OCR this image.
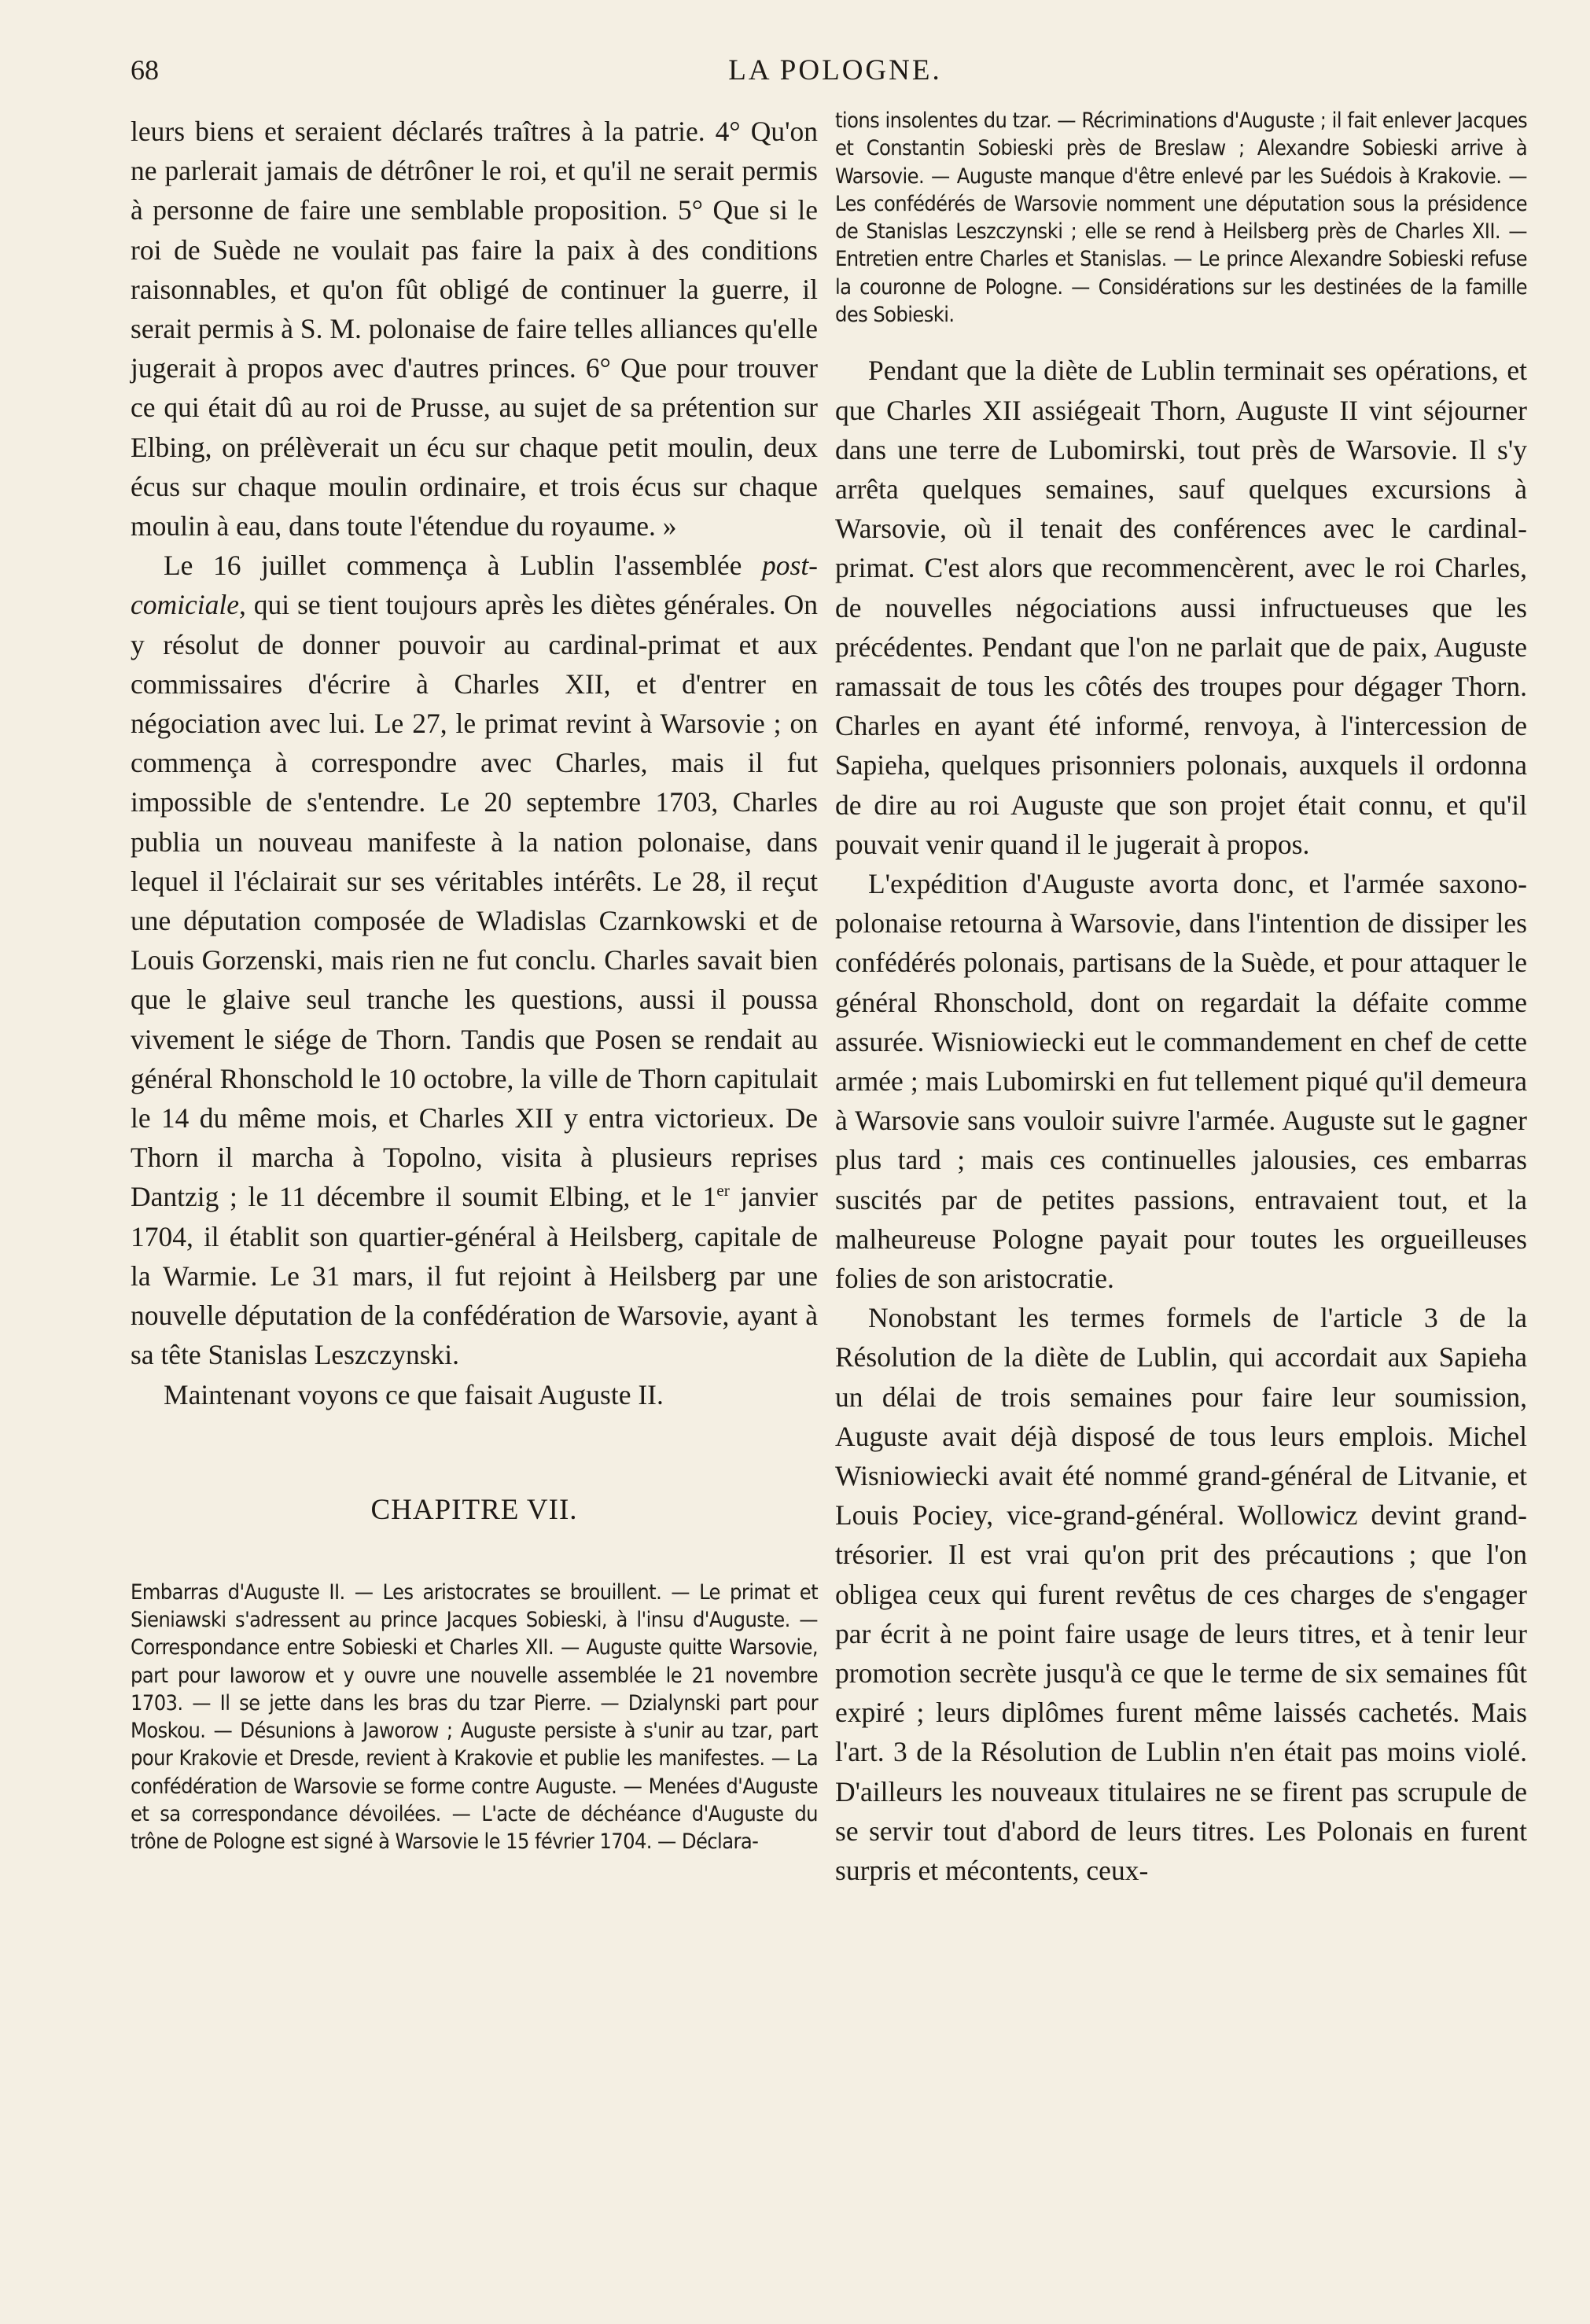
68	LA POLOGNE.

leurs biens et seraient déclarés traîtres à la patrie. 4° Qu'on ne parlerait jamais de détrôner le roi, et qu'il ne serait permis à personne de faire une semblable proposition. 5° Que si le roi de Suède ne voulait pas faire la paix à des conditions raisonnables, et qu'on fût obligé de continuer la guerre, il serait permis à S. M. polonaise de faire telles alliances qu'elle jugerait à propos avec d'autres princes. 6° Que pour trouver ce qui était dû au roi de Prusse, au sujet de sa prétention sur Elbing, on prélèverait un écu sur chaque petit moulin, deux écus sur chaque moulin ordinaire, et trois écus sur chaque moulin à eau, dans toute l'étendue du royaume. »

Le 16 juillet commença à Lublin l'assemblée post-comiciale, qui se tient toujours après les diètes générales. On y résolut de donner pouvoir au cardinal-primat et aux commissaires d'écrire à Charles XII, et d'entrer en négociation avec lui. Le 27, le primat revint à Warsovie ; on commença à correspondre avec Charles, mais il fut impossible de s'entendre. Le 20 septembre 1703, Charles publia un nouveau manifeste à la nation polonaise, dans lequel il l'éclairait sur ses véritables intérêts. Le 28, il reçut une députation composée de Wladislas Czarnkowski et de Louis Gorzenski, mais rien ne fut conclu. Charles savait bien que le glaive seul tranche les questions, aussi il poussa vivement le siége de Thorn. Tandis que Posen se rendait au général Rhonschold le 10 octobre, la ville de Thorn capitulait le 14 du même mois, et Charles XII y entra victorieux. De Thorn il marcha à Topolno, visita à plusieurs reprises Dantzig ; le 11 décembre il soumit Elbing, et le 1er janvier 1704, il établit son quartier-général à Heilsberg, capitale de la Warmie. Le 31 mars, il fut rejoint à Heilsberg par une nouvelle députation de la confédération de Warsovie, ayant à sa tête Stanislas Leszczynski.

Maintenant voyons ce que faisait Auguste II.

CHAPITRE VII.

Embarras d'Auguste II. — Les aristocrates se brouillent. — Le primat et Sieniawski s'adressent au prince Jacques Sobieski, à l'insu d'Auguste. — Correspondance entre Sobieski et Charles XII. — Auguste quitte Warsovie, part pour Iaworow et y ouvre une nouvelle assemblée le 21 novembre 1703. — Il se jette dans les bras du tzar Pierre. — Dzialynski part pour Moskou. — Désunions à Jaworow ; Auguste persiste à s'unir au tzar, part pour Krakovie et Dresde, revient à Krakovie et publie les manifestes. — La confédération de Warsovie se forme contre Auguste. — Menées d'Auguste et sa correspondance dévoilées. — L'acte de déchéance d'Auguste du trône de Pologne est signé à Warsovie le 15 février 1704. — Déclara-

tions insolentes du tzar. — Récriminations d'Auguste ; il fait enlever Jacques et Constantin Sobieski près de Breslaw ; Alexandre Sobieski arrive à Warsovie. — Auguste manque d'être enlevé par les Suédois à Krakovie. — Les confédérés de Warsovie nomment une députation sous la présidence de Stanislas Leszczynski ; elle se rend à Heilsberg près de Charles XII. — Entretien entre Charles et Stanislas. — Le prince Alexandre Sobieski refuse la couronne de Pologne. — Considérations sur les destinées de la famille des Sobieski.

Pendant que la diète de Lublin terminait ses opérations, et que Charles XII assiégeait Thorn, Auguste II vint séjourner dans une terre de Lubomirski, tout près de Warsovie. Il s'y arrêta quelques semaines, sauf quelques excursions à Warsovie, où il tenait des conférences avec le cardinal-primat. C'est alors que recommencèrent, avec le roi Charles, de nouvelles négociations aussi infructueuses que les précédentes. Pendant que l'on ne parlait que de paix, Auguste ramassait de tous les côtés des troupes pour dégager Thorn. Charles en ayant été informé, renvoya, à l'intercession de Sapieha, quelques prisonniers polonais, auxquels il ordonna de dire au roi Auguste que son projet était connu, et qu'il pouvait venir quand il le jugerait à propos.

L'expédition d'Auguste avorta donc, et l'armée saxono-polonaise retourna à Warsovie, dans l'intention de dissiper les confédérés polonais, partisans de la Suède, et pour attaquer le général Rhonschold, dont on regardait la défaite comme assurée. Wisniowiecki eut le commandement en chef de cette armée ; mais Lubomirski en fut tellement piqué qu'il demeura à Warsovie sans vouloir suivre l'armée. Auguste sut le gagner plus tard ; mais ces continuelles jalousies, ces embarras suscités par de petites passions, entravaient tout, et la malheureuse Pologne payait pour toutes les orgueilleuses folies de son aristocratie.

Nonobstant les termes formels de l'article 3 de la Résolution de la diète de Lublin, qui accordait aux Sapieha un délai de trois semaines pour faire leur soumission, Auguste avait déjà disposé de tous leurs emplois. Michel Wisniowiecki avait été nommé grand-général de Litvanie, et Louis Pociey, vice-grand-général. Wollowicz devint grand-trésorier. Il est vrai qu'on prit des précautions ; que l'on obligea ceux qui furent revêtus de ces charges de s'engager par écrit à ne point faire usage de leurs titres, et à tenir leur promotion secrète jusqu'à ce que le terme de six semaines fût expiré ; leurs diplômes furent même laissés cachetés. Mais l'art. 3 de la Résolution de Lublin n'en était pas moins violé. D'ailleurs les nouveaux titulaires ne se firent pas scrupule de se servir tout d'abord de leurs titres. Les Polonais en furent surpris et mécontents, ceux-
